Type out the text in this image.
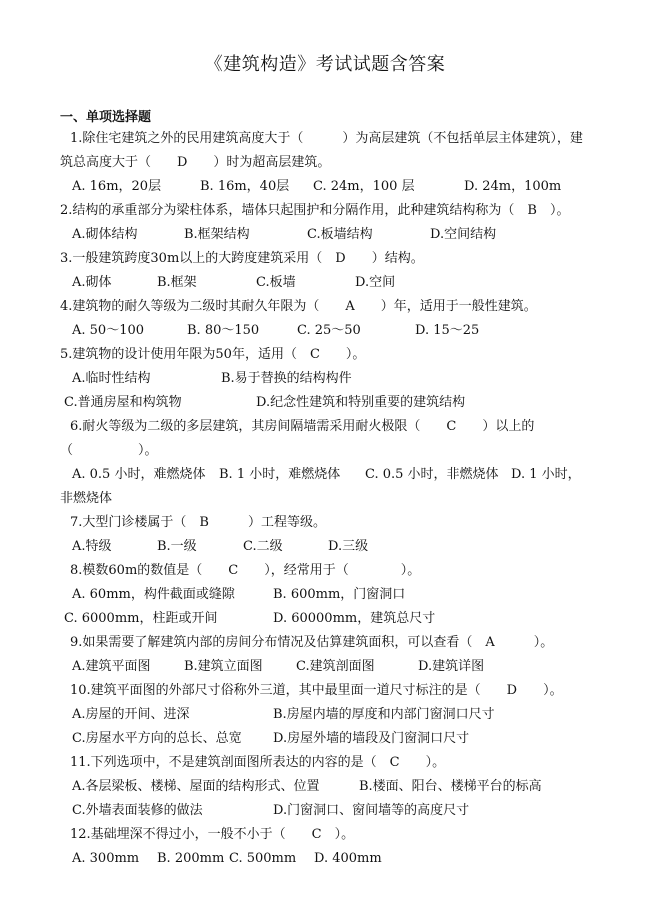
《建筑构造》考试试题含答案
一、单项选择题
1.除住宅建筑之外的民用建筑高度大于（　　　）为高层建筑（不包括单层主体建筑），建
筑总高度大于（　　D　　）时为超高层建筑。
A. 16m，20层	B. 16m，40层 C. 24m，100 层	D. 24m，100m
2.结构的承重部分为梁柱体系，墙体只起围护和分隔作用，此种建筑结构称为（　B　）。
A.砌体结构	B.框架结构	C.板墙结构	D.空间结构
3.一般建筑跨度30m以上的大跨度建筑采用（　D　　）结构。
A.砌体	B.框架	C.板墙	D.空间
4.建筑物的耐久等级为二级时其耐久年限为（　　A　　）年，适用于一般性建筑。
A. 50～100	B. 80～150	C. 25～50	D. 15～25
5.建筑物的设计使用年限为50年，适用（　C　　）。
A.临时性结构	B.易于替换的结构构件
C.普通房屋和构筑物	D.纪念性建筑和特别重要的建筑结构
6.耐火等级为二级的多层建筑，其房间隔墙需采用耐火极限（　　C　　）以上的
（　　　　　）。
A. 0.5 小时，难燃烧体 B. 1 小时，难燃烧体 C. 0.5 小时，非燃烧体 D. 1 小时，
非燃烧体
7.大型门诊楼属于（　B　　　）工程等级。
A.特级	B.一级	C.二级	D.三级
8.模数60m的数值是（　　C　　），经常用于（　　　　）。
A. 60mm，构件截面或缝隙	B. 600mm，门窗洞口
C. 6000mm，柱距或开间	D. 60000mm，建筑总尺寸
9.如果需要了解建筑内部的房间分布情况及估算建筑面积，可以查看（　A　　　）。
A.建筑平面图	B.建筑立面图	C.建筑剖面图	D.建筑详图
10.建筑平面图的外部尺寸俗称外三道，其中最里面一道尺寸标注的是（　　D　　）。
A.房屋的开间、进深	B.房屋内墙的厚度和内部门窗洞口尺寸
C.房屋水平方向的总长、总宽 D.房屋外墙的墙段及门窗洞口尺寸
11.下列选项中，不是建筑剖面图所表达的内容的是（　C　　）。
A.各层梁板、楼梯、屋面的结构形式、位置	B.楼面、阳台、楼梯平台的标高
C.外墙表面装修的做法	D.门窗洞口、窗间墙等的高度尺寸
12.基础埋深不得过小，一般不小于（　　C　）。
A. 300mm B. 200mm C. 500mm D. 400mm
